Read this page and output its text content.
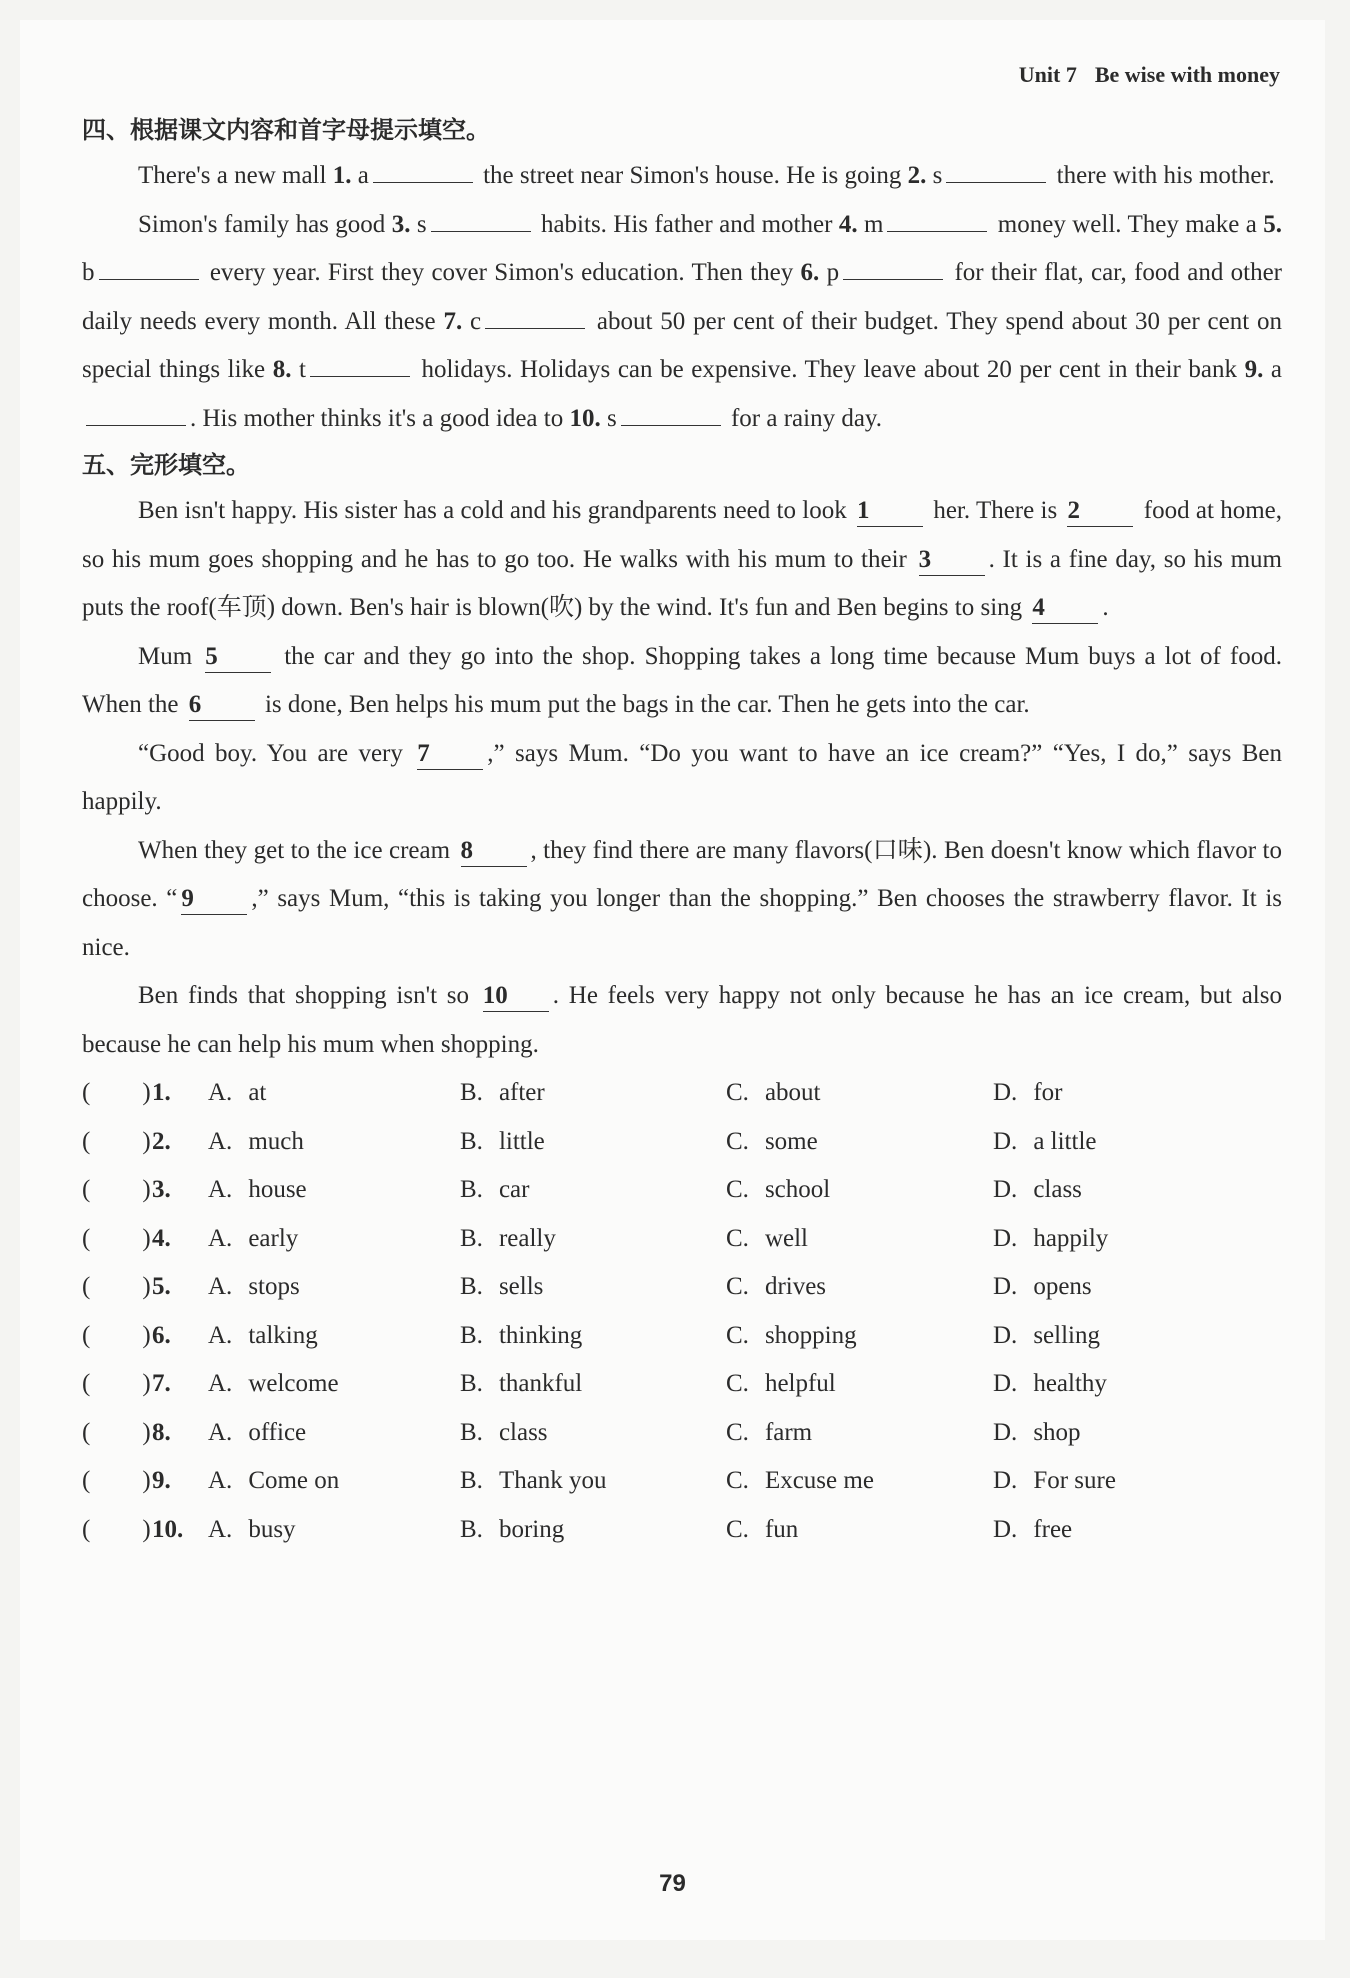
Unit 7 Be wise with money
四、根据课文内容和首字母提示填空。

There's a new mall 1. a	the street near Simon's house. He is going 2. s	there with his mother.

Simon's family has good 3. s	habits. His father and mother 4. m	money well. They make a 5. b	every year. First they cover Simon's education. Then they 6. p	for their flat, car, food and other daily needs every month. All these 7. c	about 50 per cent of their budget. They spend about 30 per cent on special things like 8. t	holidays. Holidays can be expensive. They leave about 20 per cent in their bank 9. a. His mother thinks it's a good idea to 10. s	for a rainy day.

五、完形填空。

Ben isn't happy. His sister has a cold and his grandparents need to look 1 her. There is 2 food at home, so his mum goes shopping and he has to go too. He walks with his mum to their 3 . It is a fine day, so his mum puts the roof(车顶) down. Ben's hair is blown(吹) by the wind. It's fun and Ben begins to sing 4 .

Mum 5 the car and they go into the shop. Shopping takes a long time because Mum buys a lot of food. When the 6 is done, Ben helps his mum put the bags in the car. Then he gets into the car.

“Good boy. You are very 7 ,” says Mum. “Do you want to have an ice cream?” “Yes, I do,” says Ben happily.

When they get to the ice cream 8 , they find there are many flavors(口味). Ben doesn't know which flavor to choose. “ 9 ,” says Mum, “this is taking you longer than the shopping.” Ben chooses the strawberry flavor. It is nice.

Ben finds that shopping isn't so 10 . He feels very happy not only because he has an ice cream, but also because he can help his mum when shopping.

( ) 1.	A. at	B. after	C. about	D. for
( ) 2.	A. much	B. little	C. some	D. a little
( ) 3.	A. house	B. car	C. school	D. class
( ) 4.	A. early	B. really	C. well	D. happily
( ) 5.	A. stops	B. sells	C. drives	D. opens
( ) 6.	A. talking	B. thinking	C. shopping	D. selling
( ) 7.	A. welcome	B. thankful	C. helpful	D. healthy
( ) 8.	A. office	B. class	C. farm	D. shop
( ) 9.	A. Come on	B. Thank you	C. Excuse me	D. For sure
( ) 10. A. busy	B. boring	C. fun	D. free
79
